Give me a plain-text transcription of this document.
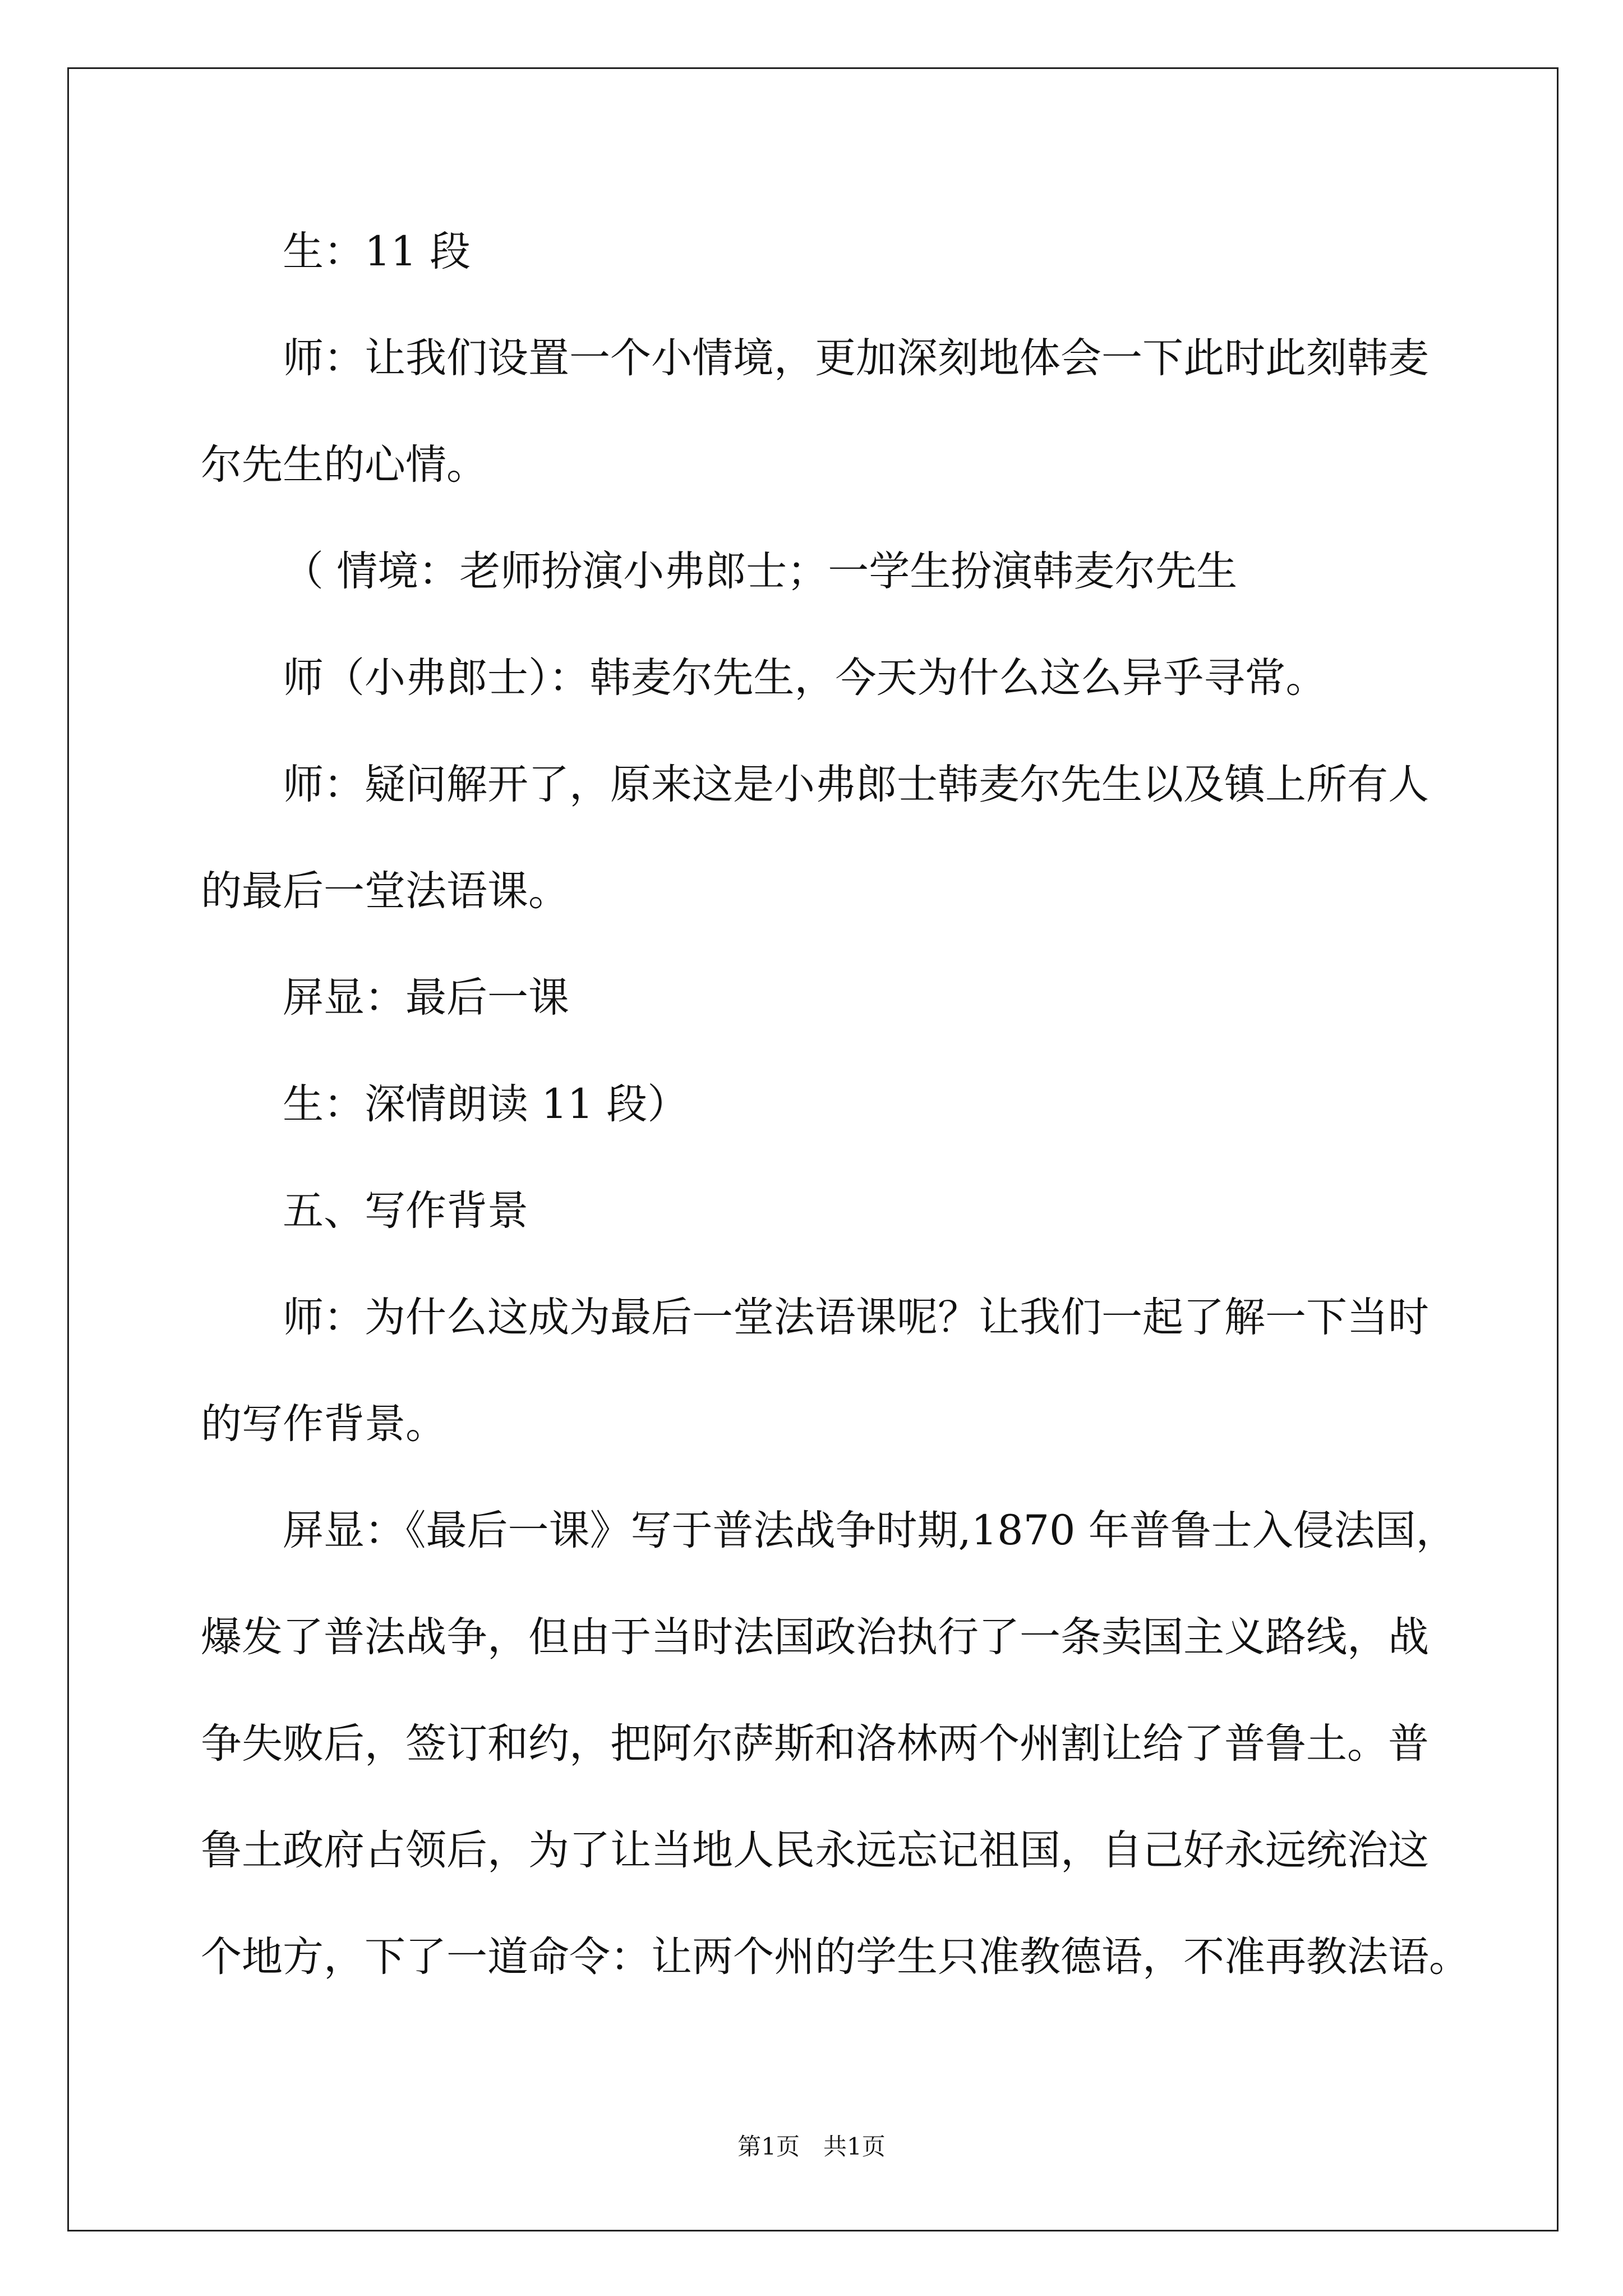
生：11 段
师：让我们设置一个小情境，更加深刻地体会一下此时此刻韩麦
尔先生的心情。
（ 情境：老师扮演小弗郎士；一学生扮演韩麦尔先生
师（小弗郎士）：韩麦尔先生，今天为什么这么异乎寻常。
师：疑问解开了，原来这是小弗郎士韩麦尔先生以及镇上所有人
的最后一堂法语课。
屏显：最后一课
生：深情朗读 11 段）
五、写作背景
师：为什么这成为最后一堂法语课呢？让我们一起了解一下当时
的写作背景。
屏显：《最后一课》写于普法战争时期,1870 年普鲁士入侵法国，
爆发了普法战争，但由于当时法国政治执行了一条卖国主义路线，战
争失败后，签订和约，把阿尔萨斯和洛林两个州割让给了普鲁土。普
鲁土政府占领后，为了让当地人民永远忘记祖国，自己好永远统治这
个地方，下了一道命令：让两个州的学生只准教德语，不准再教法语。
第1页　共1页
